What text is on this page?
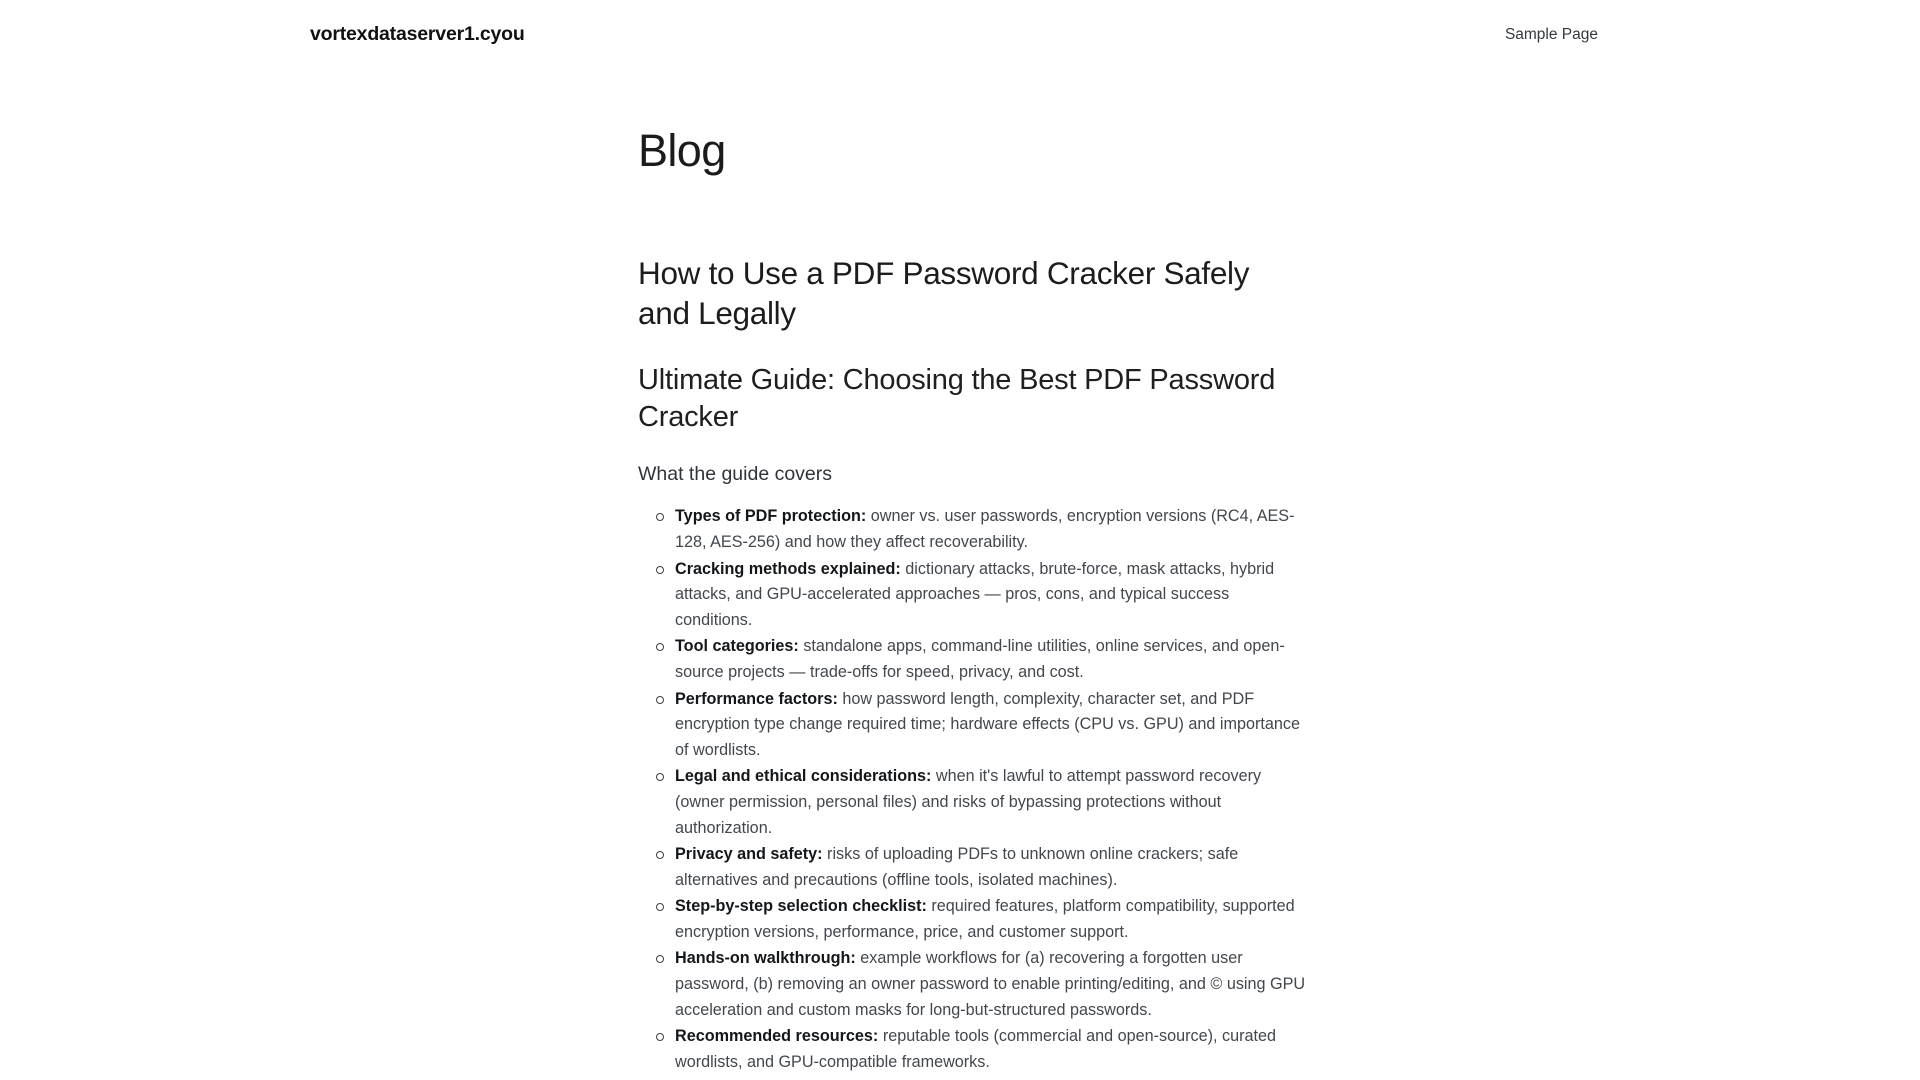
vortexdataserver1.cyou	Sample Page
Blog
How to Use a PDF Password Cracker Safely and Legally
Ultimate Guide: Choosing the Best PDF Password Cracker
What the guide covers
Types of PDF protection: owner vs. user passwords, encryption versions (RC4, AES-128, AES-256) and how they affect recoverability.
Cracking methods explained: dictionary attacks, brute-force, mask attacks, hybrid attacks, and GPU-accelerated approaches — pros, cons, and typical success conditions.
Tool categories: standalone apps, command-line utilities, online services, and open-source projects — trade-offs for speed, privacy, and cost.
Performance factors: how password length, complexity, character set, and PDF encryption type change required time; hardware effects (CPU vs. GPU) and importance of wordlists.
Legal and ethical considerations: when it's lawful to attempt password recovery (owner permission, personal files) and risks of bypassing protections without authorization.
Privacy and safety: risks of uploading PDFs to unknown online crackers; safe alternatives and precautions (offline tools, isolated machines).
Step-by-step selection checklist: required features, platform compatibility, supported encryption versions, performance, price, and customer support.
Hands-on walkthrough: example workflows for (a) recovering a forgotten user password, (b) removing an owner password to enable printing/editing, and © using GPU acceleration and custom masks for long-but-structured passwords.
Recommended resources: reputable tools (commercial and open-source), curated wordlists, and GPU-compatible frameworks.
